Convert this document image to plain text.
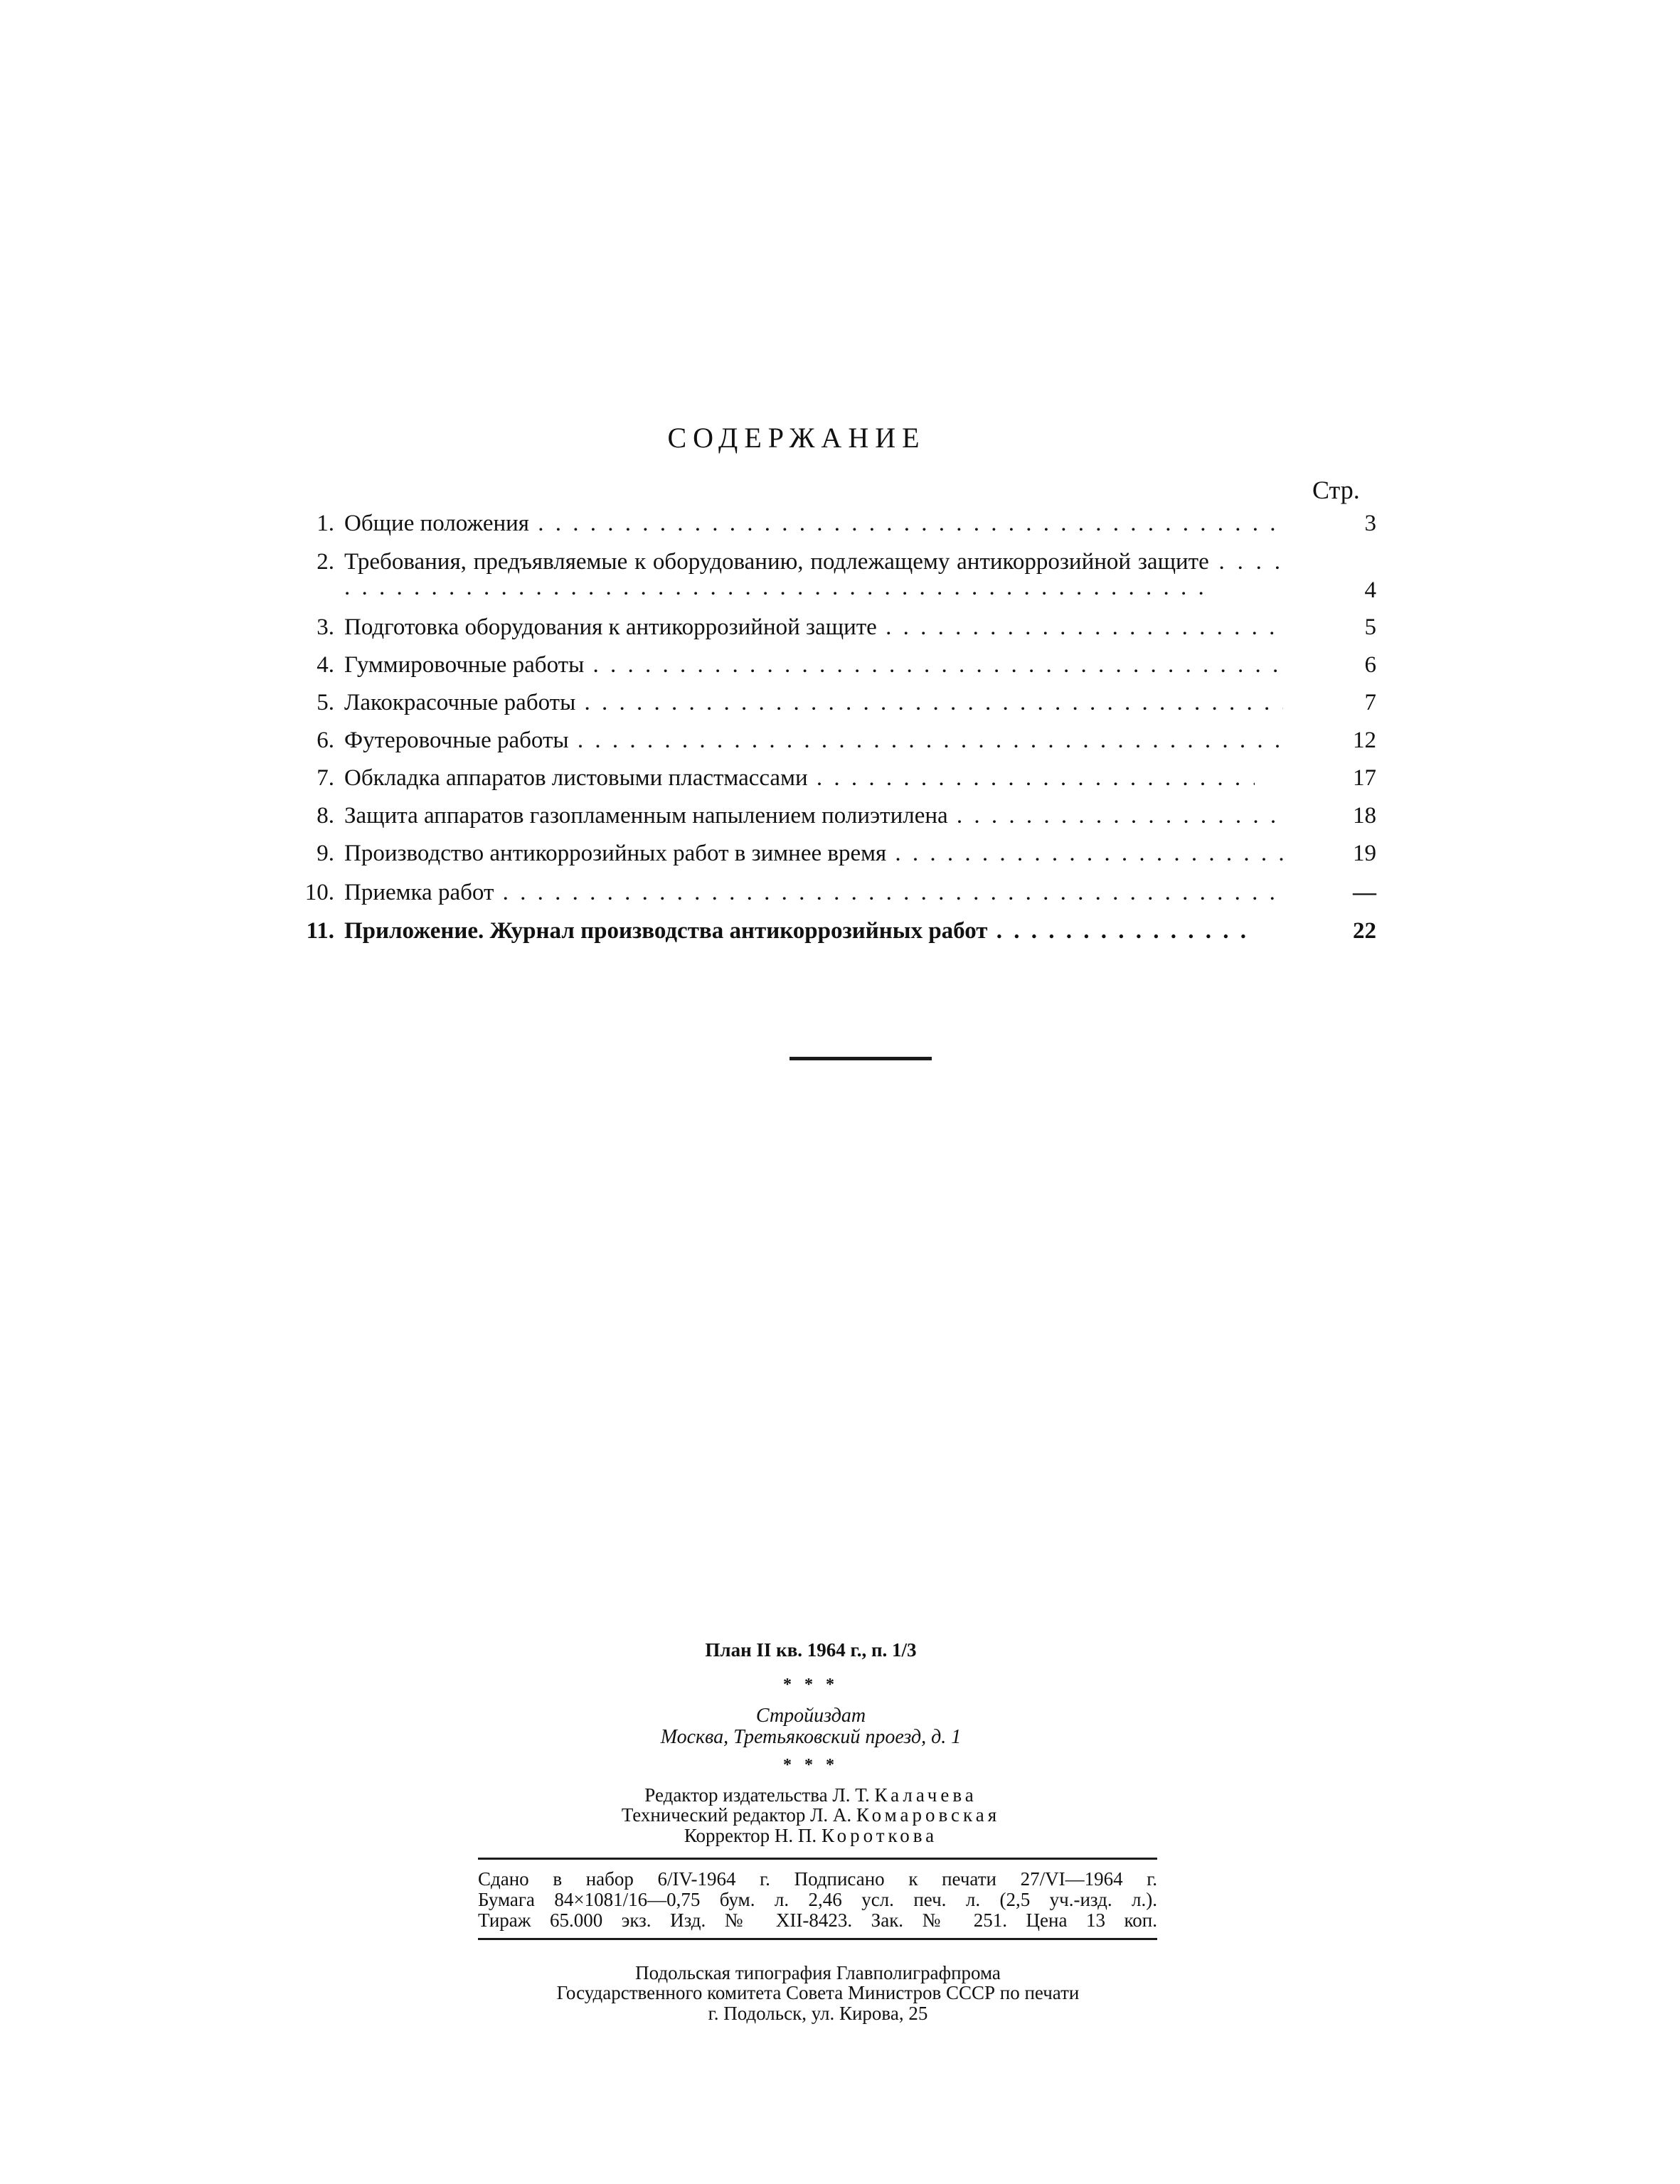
СОДЕРЖАНИЕ
Стр.
1. Общие положения . . .	3
2. Требования, предъявляемые к оборудованию, подлежащему антикоррозийной защите . . .
4
3. Подготовка оборудования к антикоррозийной защите . . .	5
4. Гуммировочные работы . . .	6
5. Лакокрасочные работы . . .	7
6. Футеровочные работы . . .	12
7. Обкладка аппаратов листовыми пластмассами . . .	17
8. Защита аппаратов газопламенным напылением полиэтилена . . .	18
9. Производство антикоррозийных работ в зимнее время . . .	19
10. Приемка работ . . .	—
11. Приложение. Журнал производства антикоррозийных работ . . .	22
План II кв. 1964 г., п. 1/3
* * *
Стройиздат
Москва, Третьяковский проезд, д. 1
* * *
Редактор издательства Л. Т. Калачева
Технический редактор Л. А. Комаровская
Корректор Н. П. Короткова
Сдано в набор 6/IV-1964 г. Подписано к печати 27/VI—1964 г.
Бумага 84×1081/16—0,75 бум. л. 2,46 усл. печ. л. (2,5 уч.-изд. л.).
Тираж 65.000 экз. Изд. № XII-8423. Зак. № 251. Цена 13 коп.
Подольская типография Главполиграфпрома
Государственного комитета Совета Министров СССР по печати
г. Подольск, ул. Кирова, 25
